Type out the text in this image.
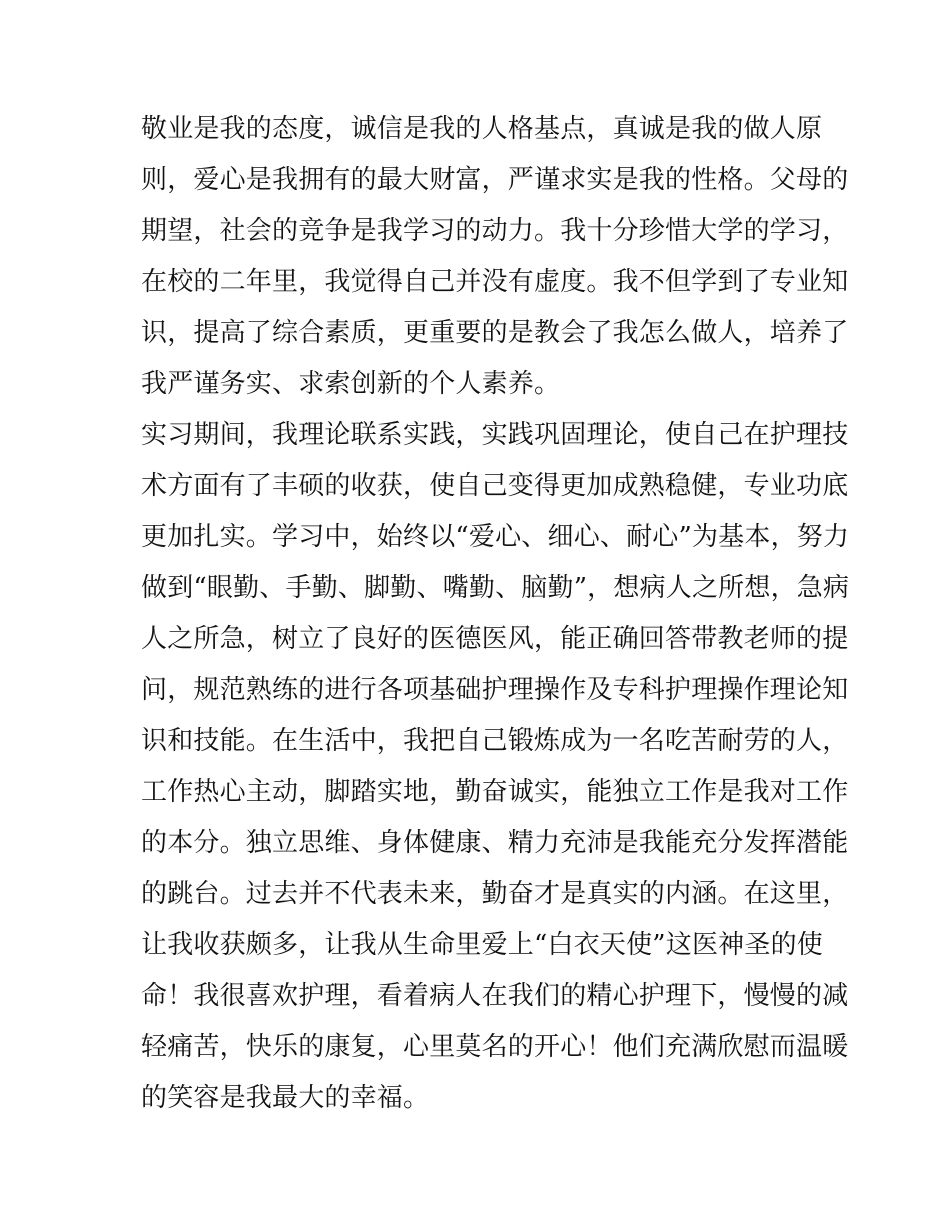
敬业是我的态度，诚信是我的人格基点，真诚是我的做人原
则，爱心是我拥有的最大财富，严谨求实是我的性格。父母的
期望，社会的竞争是我学习的动力。我十分珍惜大学的学习，
在校的二年里，我觉得自己并没有虚度。我不但学到了专业知
识，提高了综合素质，更重要的是教会了我怎么做人，培养了
我严谨务实、求索创新的个人素养。
实习期间，我理论联系实践，实践巩固理论，使自己在护理技
术方面有了丰硕的收获，使自己变得更加成熟稳健，专业功底
更加扎实。学习中，始终以“爱心、细心、耐心”为基本，努力
做到“眼勤、手勤、脚勤、嘴勤、脑勤”，想病人之所想，急病
人之所急，树立了良好的医德医风，能正确回答带教老师的提
问，规范熟练的进行各项基础护理操作及专科护理操作理论知
识和技能。在生活中，我把自己锻炼成为一名吃苦耐劳的人，
工作热心主动，脚踏实地，勤奋诚实，能独立工作是我对工作
的本分。独立思维、身体健康、精力充沛是我能充分发挥潜能
的跳台。过去并不代表未来，勤奋才是真实的内涵。在这里，
让我收获颇多，让我从生命里爱上“白衣天使”这医神圣的使
命！我很喜欢护理，看着病人在我们的精心护理下，慢慢的减
轻痛苦，快乐的康复，心里莫名的开心！他们充满欣慰而温暖
的笑容是我最大的幸福。
